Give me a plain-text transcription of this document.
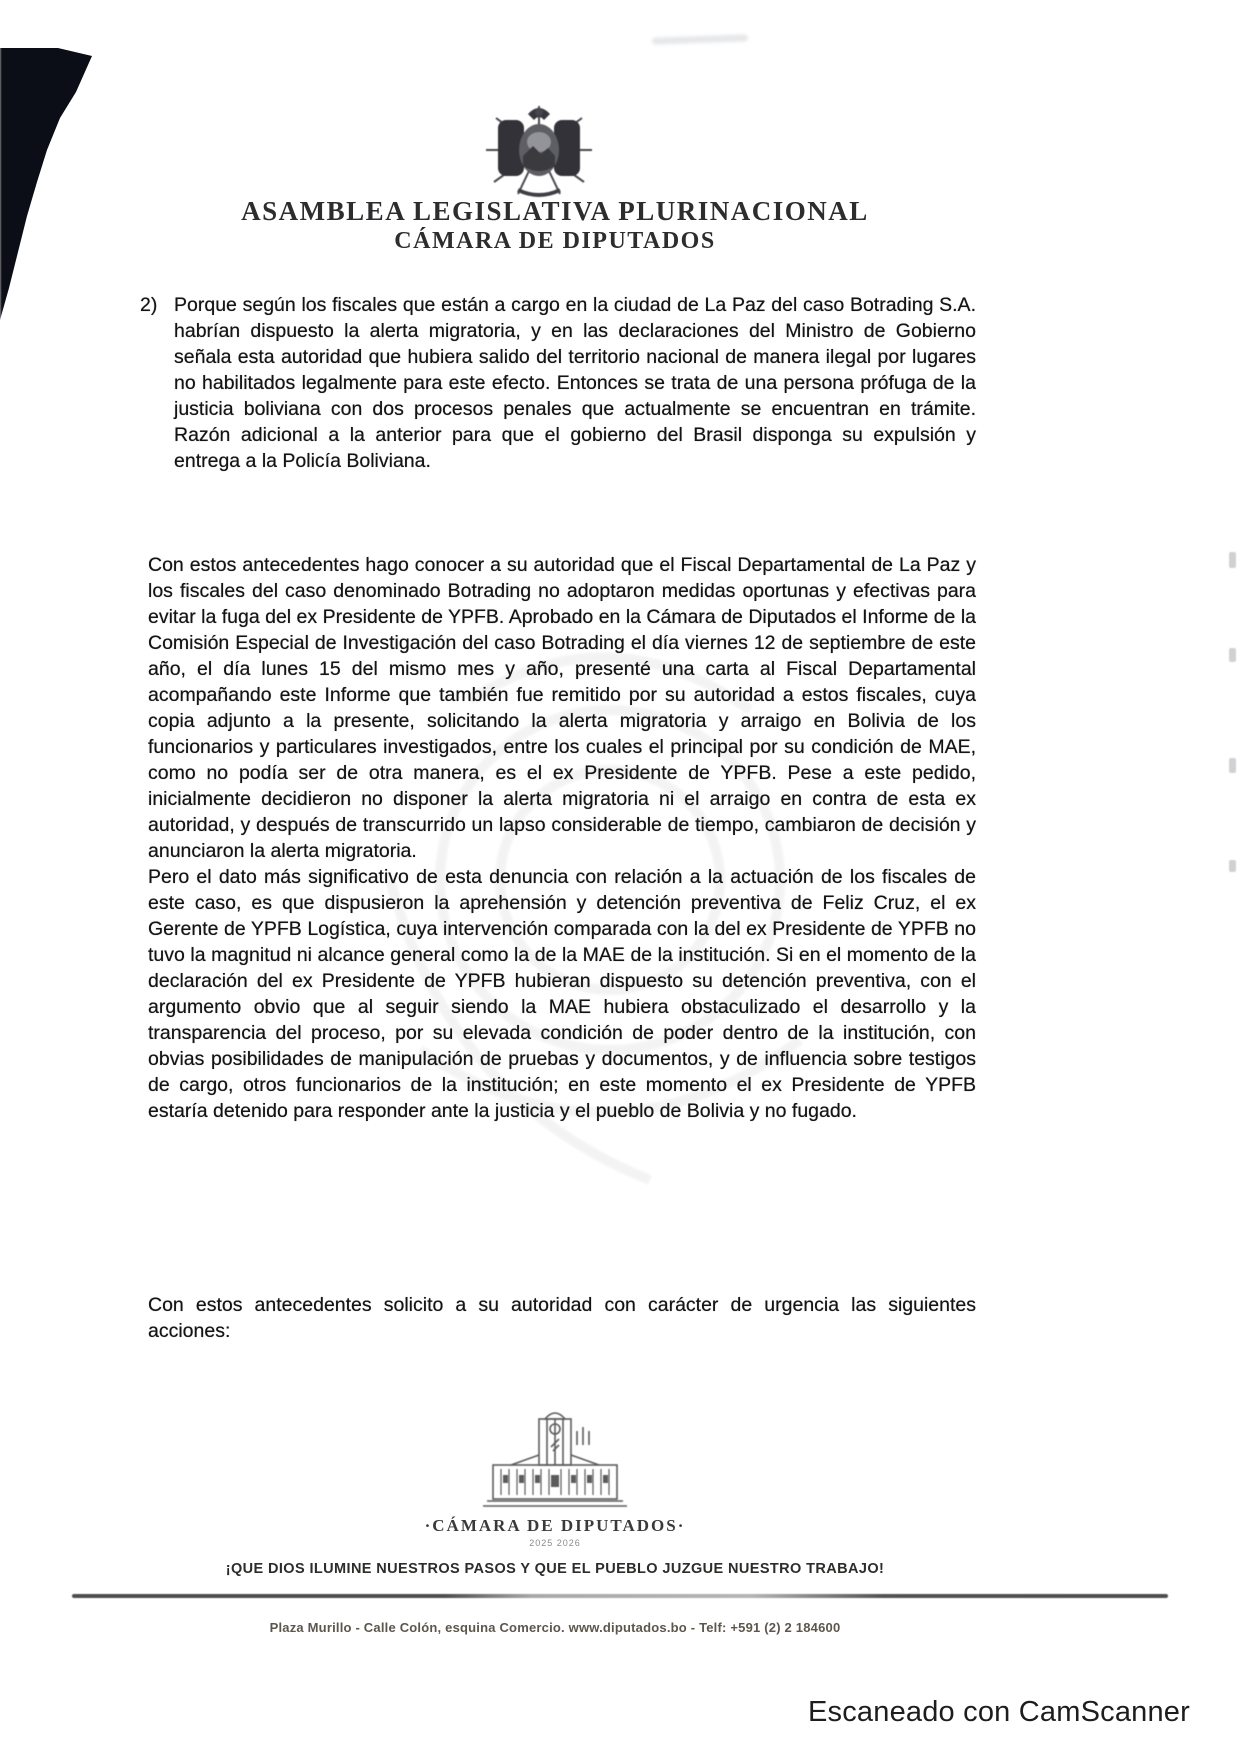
ASAMBLEA LEGISLATIVA PLURINACIONAL
CÁMARA DE DIPUTADOS
2) Porque según los fiscales que están a cargo en la ciudad de La Paz del caso Botrading S.A. habrían dispuesto la alerta migratoria, y en las declaraciones del Ministro de Gobierno señala esta autoridad que hubiera salido del territorio nacional de manera ilegal por lugares no habilitados legalmente para este efecto. Entonces se trata de una persona prófuga de la justicia boliviana con dos procesos penales que actualmente se encuentran en trámite. Razón adicional a la anterior para que el gobierno del Brasil disponga su expulsión y entrega a la Policía Boliviana.

Con estos antecedentes hago conocer a su autoridad que el Fiscal Departamental de La Paz y los fiscales del caso denominado Botrading no adoptaron medidas oportunas y efectivas para evitar la fuga del ex Presidente de YPFB. Aprobado en la Cámara de Diputados el Informe de la Comisión Especial de Investigación del caso Botrading el día viernes 12 de septiembre de este año, el día lunes 15 del mismo mes y año, presenté una carta al Fiscal Departamental acompañando este Informe que también fue remitido por su autoridad a estos fiscales, cuya copia adjunto a la presente, solicitando la alerta migratoria y arraigo en Bolivia de los funcionarios y particulares investigados, entre los cuales el principal por su condición de MAE, como no podía ser de otra manera, es el ex Presidente de YPFB. Pese a este pedido, inicialmente decidieron no disponer la alerta migratoria ni el arraigo en contra de esta ex autoridad, y después de transcurrido un lapso considerable de tiempo, cambiaron de decisión y anunciaron la alerta migratoria.

Pero el dato más significativo de esta denuncia con relación a la actuación de los fiscales de este caso, es que dispusieron la aprehensión y detención preventiva de Feliz Cruz, el ex Gerente de YPFB Logística, cuya intervención comparada con la del ex Presidente de YPFB no tuvo la magnitud ni alcance general como la de la MAE de la institución. Si en el momento de la declaración del ex Presidente de YPFB hubieran dispuesto su detención preventiva, con el argumento obvio que al seguir siendo la MAE hubiera obstaculizado el desarrollo y la transparencia del proceso, por su elevada condición de poder dentro de la institución, con obvias posibilidades de manipulación de pruebas y documentos, y de influencia sobre testigos de cargo, otros funcionarios de la institución; en este momento el ex Presidente de YPFB estaría detenido para responder ante la justicia y el pueblo de Bolivia y no fugado.

Con estos antecedentes solicito a su autoridad con carácter de urgencia las siguientes acciones:
·CÁMARA DE DIPUTADOS·
2025 2026
¡QUE DIOS ILUMINE NUESTROS PASOS Y QUE EL PUEBLO JUZGUE NUESTRO TRABAJO!
Plaza Murillo - Calle Colón, esquina Comercio. www.diputados.bo - Telf: +591 (2) 2 184600
Escaneado con CamScanner
